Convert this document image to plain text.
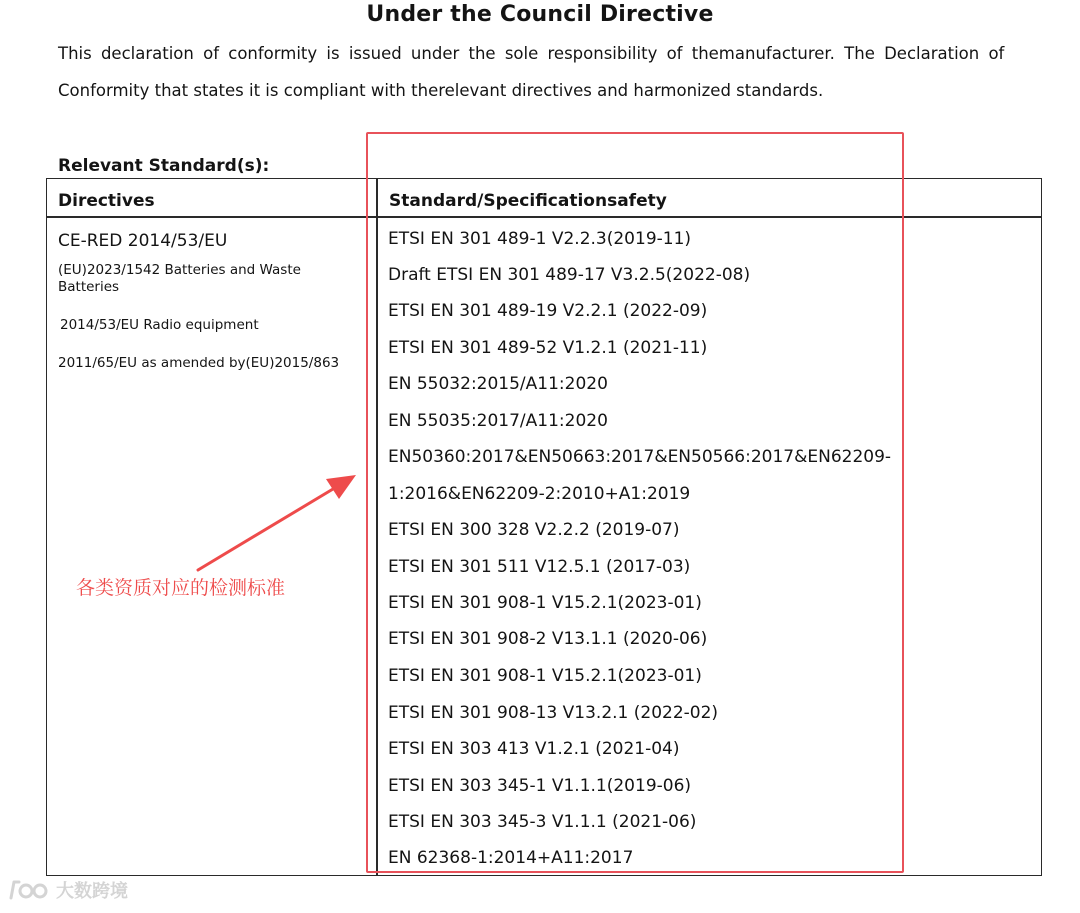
Under the Council Directive
This declaration of conformity is issued under the sole responsibility of themanufacturer. The Declaration of
Conformity that states it is compliant with therelevant directives and harmonized standards.
Relevant Standard(s):
Directives	Standard/Specificationsafety
CE-RED 2014/53/EU
(EU)2023/1542 Batteries and Waste Batteries
2014/53/EU Radio equipment
2011/65/EU as amended by(EU)2015/863
ETSI EN 301 489-1 V2.2.3(2019-11)
Draft ETSI EN 301 489-17 V3.2.5(2022-08)
ETSI EN 301 489-19 V2.2.1 (2022-09)
ETSI EN 301 489-52 V1.2.1 (2021-11)
EN 55032:2015/A11:2020
EN 55035:2017/A11:2020
EN50360:2017&EN50663:2017&EN50566:2017&EN62209-
1:2016&EN62209-2:2010+A1:2019
ETSI EN 300 328 V2.2.2 (2019-07)
ETSI EN 301 511 V12.5.1 (2017-03)
ETSI EN 301 908-1 V15.2.1(2023-01)
ETSI EN 301 908-2 V13.1.1 (2020-06)
ETSI EN 301 908-1 V15.2.1(2023-01)
ETSI EN 301 908-13 V13.2.1 (2022-02)
ETSI EN 303 413 V1.2.1 (2021-04)
ETSI EN 303 345-1 V1.1.1(2019-06)
ETSI EN 303 345-3 V1.1.1 (2021-06)
EN 62368-1:2014+A11:2017
各类资质对应的检测标准
大数跨境
